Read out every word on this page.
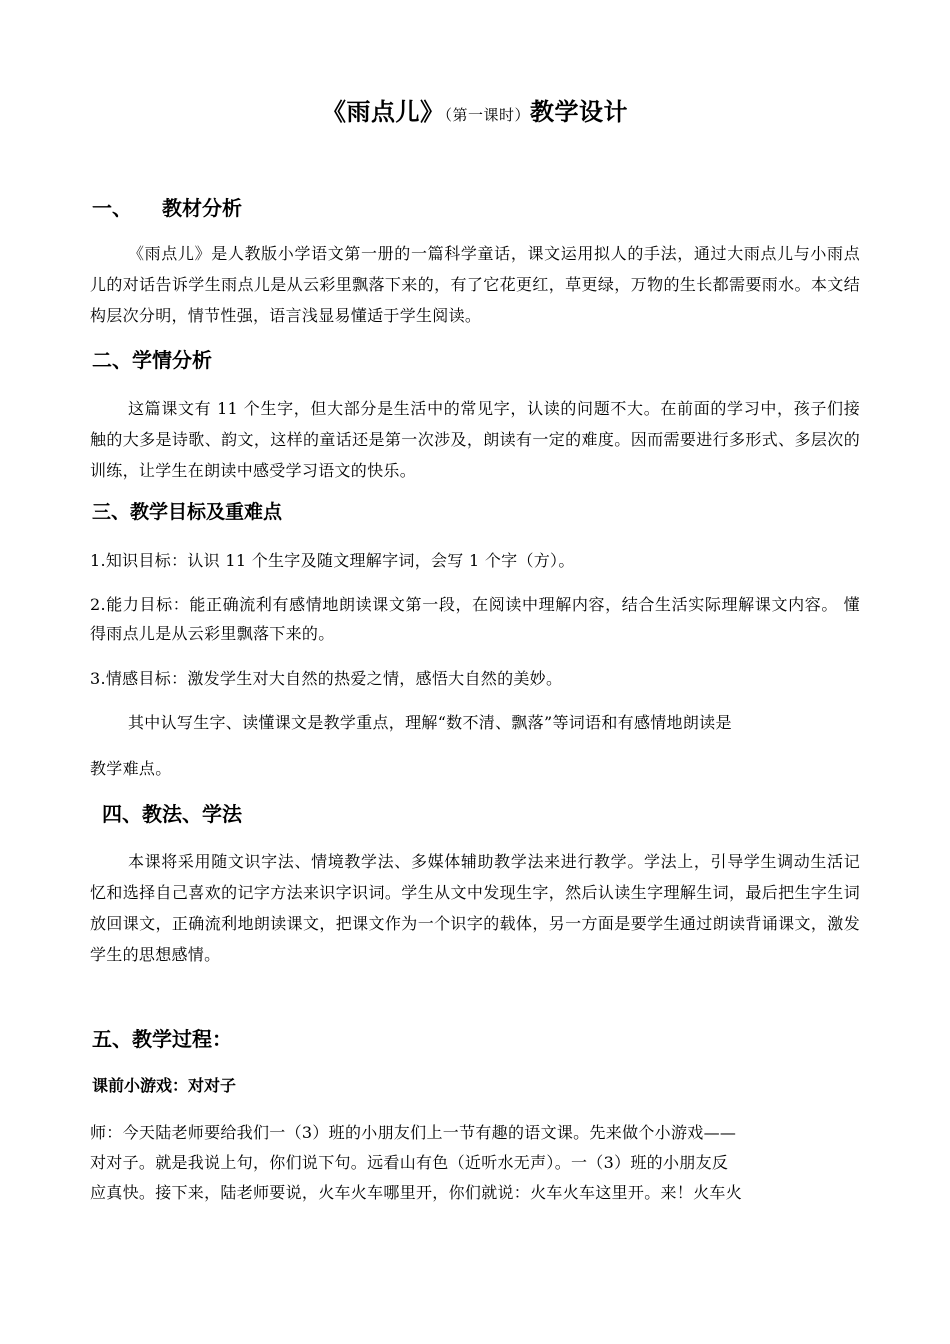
《雨点儿》（第一课时）教学设计
一、 教材分析
《雨点儿》是人教版小学语文第一册的一篇科学童话，课文运用拟人的手法，通过大雨点儿与小雨点儿的对话告诉学生雨点儿是从云彩里飘落下来的，有了它花更红，草更绿，万物的生长都需要雨水。本文结构层次分明，情节性强，语言浅显易懂适于学生阅读。
二、学情分析
这篇课文有 11 个生字，但大部分是生活中的常见字，认读的问题不大。在前面的学习中，孩子们接触的大多是诗歌、韵文，这样的童话还是第一次涉及，朗读有一定的难度。因而需要进行多形式、多层次的训练，让学生在朗读中感受学习语文的快乐。
三、教学目标及重难点
1.知识目标：认识 11 个生字及随文理解字词，会写 1 个字（方）。
2.能力目标：能正确流利有感情地朗读课文第一段，在阅读中理解内容，结合生活实际理解课文内容。 懂得雨点儿是从云彩里飘落下来的。
3.情感目标：激发学生对大自然的热爱之情，感悟大自然的美妙。
其中认写生字、读懂课文是教学重点，理解“数不清、飘落”等词语和有感情地朗读是
教学难点。
四、教法、学法
本课将采用随文识字法、情境教学法、多媒体辅助教学法来进行教学。学法上，引导学生调动生活记忆和选择自己喜欢的记字方法来识字识词。学生从文中发现生字，然后认读生字理解生词，最后把生字生词放回课文，正确流利地朗读课文，把课文作为一个识字的载体，另一方面是要学生通过朗读背诵课文，激发学生的思想感情。
五、教学过程：
课前小游戏：对对子
师：今天陆老师要给我们一（3）班的小朋友们上一节有趣的语文课。先来做个小游戏——
对对子。就是我说上句，你们说下句。远看山有色（近听水无声）。一（3）班的小朋友反
应真快。接下来，陆老师要说，火车火车哪里开，你们就说：火车火车这里开。来！火车火
